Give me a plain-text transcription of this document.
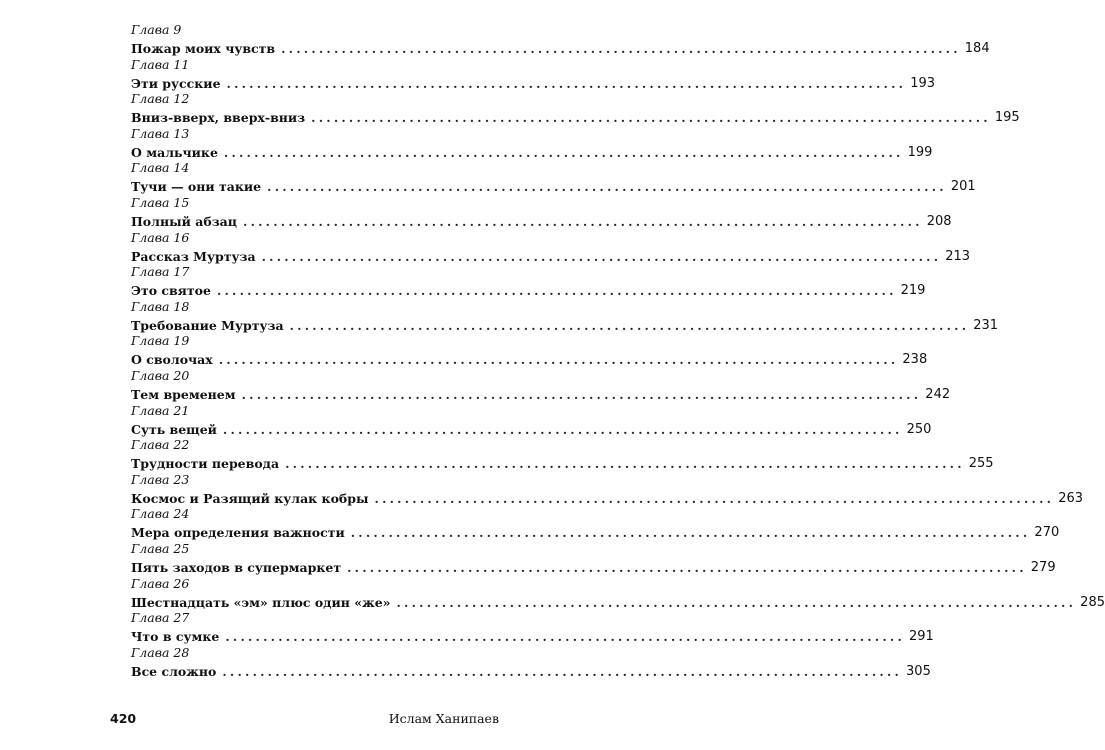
Глава 9
Пожар моих чувств .......................................................................................... 184
Глава 11
Эти русские .......................................................................................... 193
Глава 12
Вниз-вверх, вверх-вниз .......................................................................................... 195
Глава 13
О мальчике .......................................................................................... 199
Глава 14
Тучи — они такие .......................................................................................... 201
Глава 15
Полный абзац .......................................................................................... 208
Глава 16
Рассказ Муртуза .......................................................................................... 213
Глава 17
Это святое .......................................................................................... 219
Глава 18
Требование Муртуза .......................................................................................... 231
Глава 19
О сволочах .......................................................................................... 238
Глава 20
Тем временем .......................................................................................... 242
Глава 21
Суть вещей .......................................................................................... 250
Глава 22
Трудности перевода .......................................................................................... 255
Глава 23
Космос и Разящий кулак кобры .......................................................................................... 263
Глава 24
Мера определения важности .......................................................................................... 270
Глава 25
Пять заходов в супермаркет .......................................................................................... 279
Глава 26
Шестнадцать «эм» плюс один «же» .......................................................................................... 285
Глава 27
Что в сумке .......................................................................................... 291
Глава 28
Все сложно .......................................................................................... 305
420	Ислам Ханипаев
